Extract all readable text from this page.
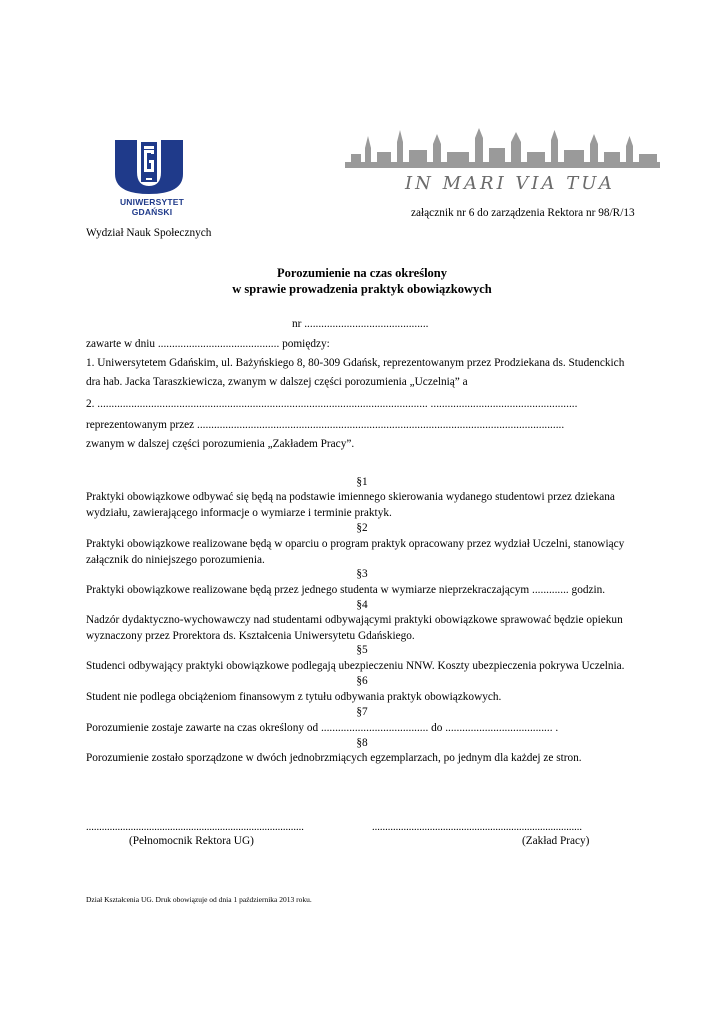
UNIWERSYTET GDAŃSKI
IN MARI VIA TUA
załącznik nr 6 do zarządzenia Rektora nr 98/R/13
Wydział Nauk Społecznych
Porozumienie na czas określony
w sprawie prowadzenia praktyk obowiązkowych
nr ............................................
zawarte w dniu ........................................... pomiędzy:
1. Uniwersytetem Gdańskim, ul. Bażyńskiego 8, 80-309 Gdańsk, reprezentowanym przez Prodziekana ds. Studenckich
dra hab. Jacka Taraszkiewicza, zwanym w dalszej części porozumienia „Uczelnią” a
2. ..................................................................................................................... ....................................................
reprezentowanym przez ..................................................................................................................................
zwanym w dalszej części porozumienia „Zakładem Pracy”.
§1
Praktyki obowiązkowe odbywać się będą na podstawie imiennego skierowania wydanego studentowi przez dziekana
wydziału, zawierającego informacje o wymiarze i terminie praktyk.
§2
Praktyki obowiązkowe realizowane będą w oparciu o program praktyk opracowany przez wydział Uczelni, stanowiący
załącznik do niniejszego porozumienia.
§3
Praktyki obowiązkowe realizowane będą przez jednego studenta w wymiarze nieprzekraczającym ............. godzin.
§4
Nadzór dydaktyczno-wychowawczy nad studentami odbywającymi praktyki obowiązkowe sprawować będzie opiekun
wyznaczony przez Prorektora ds. Kształcenia Uniwersytetu Gdańskiego.
§5
Studenci odbywający praktyki obowiązkowe podlegają ubezpieczeniu NNW. Koszty ubezpieczenia pokrywa Uczelnia.
§6
Student nie podlega obciążeniom finansowym z tytułu odbywania praktyk obowiązkowych.
§7
Porozumienie zostaje zawarte na czas określony od ...................................... do ...................................... .
§8
Porozumienie zostało sporządzone w dwóch jednobrzmiących egzemplarzach, po jednym dla każdej ze stron.
...................................................................................
(Pełnomocnik Rektora UG)
................................................................................
(Zakład Pracy)
Dział Kształcenia UG. Druk obowiązuje od dnia 1 października 2013 roku.
